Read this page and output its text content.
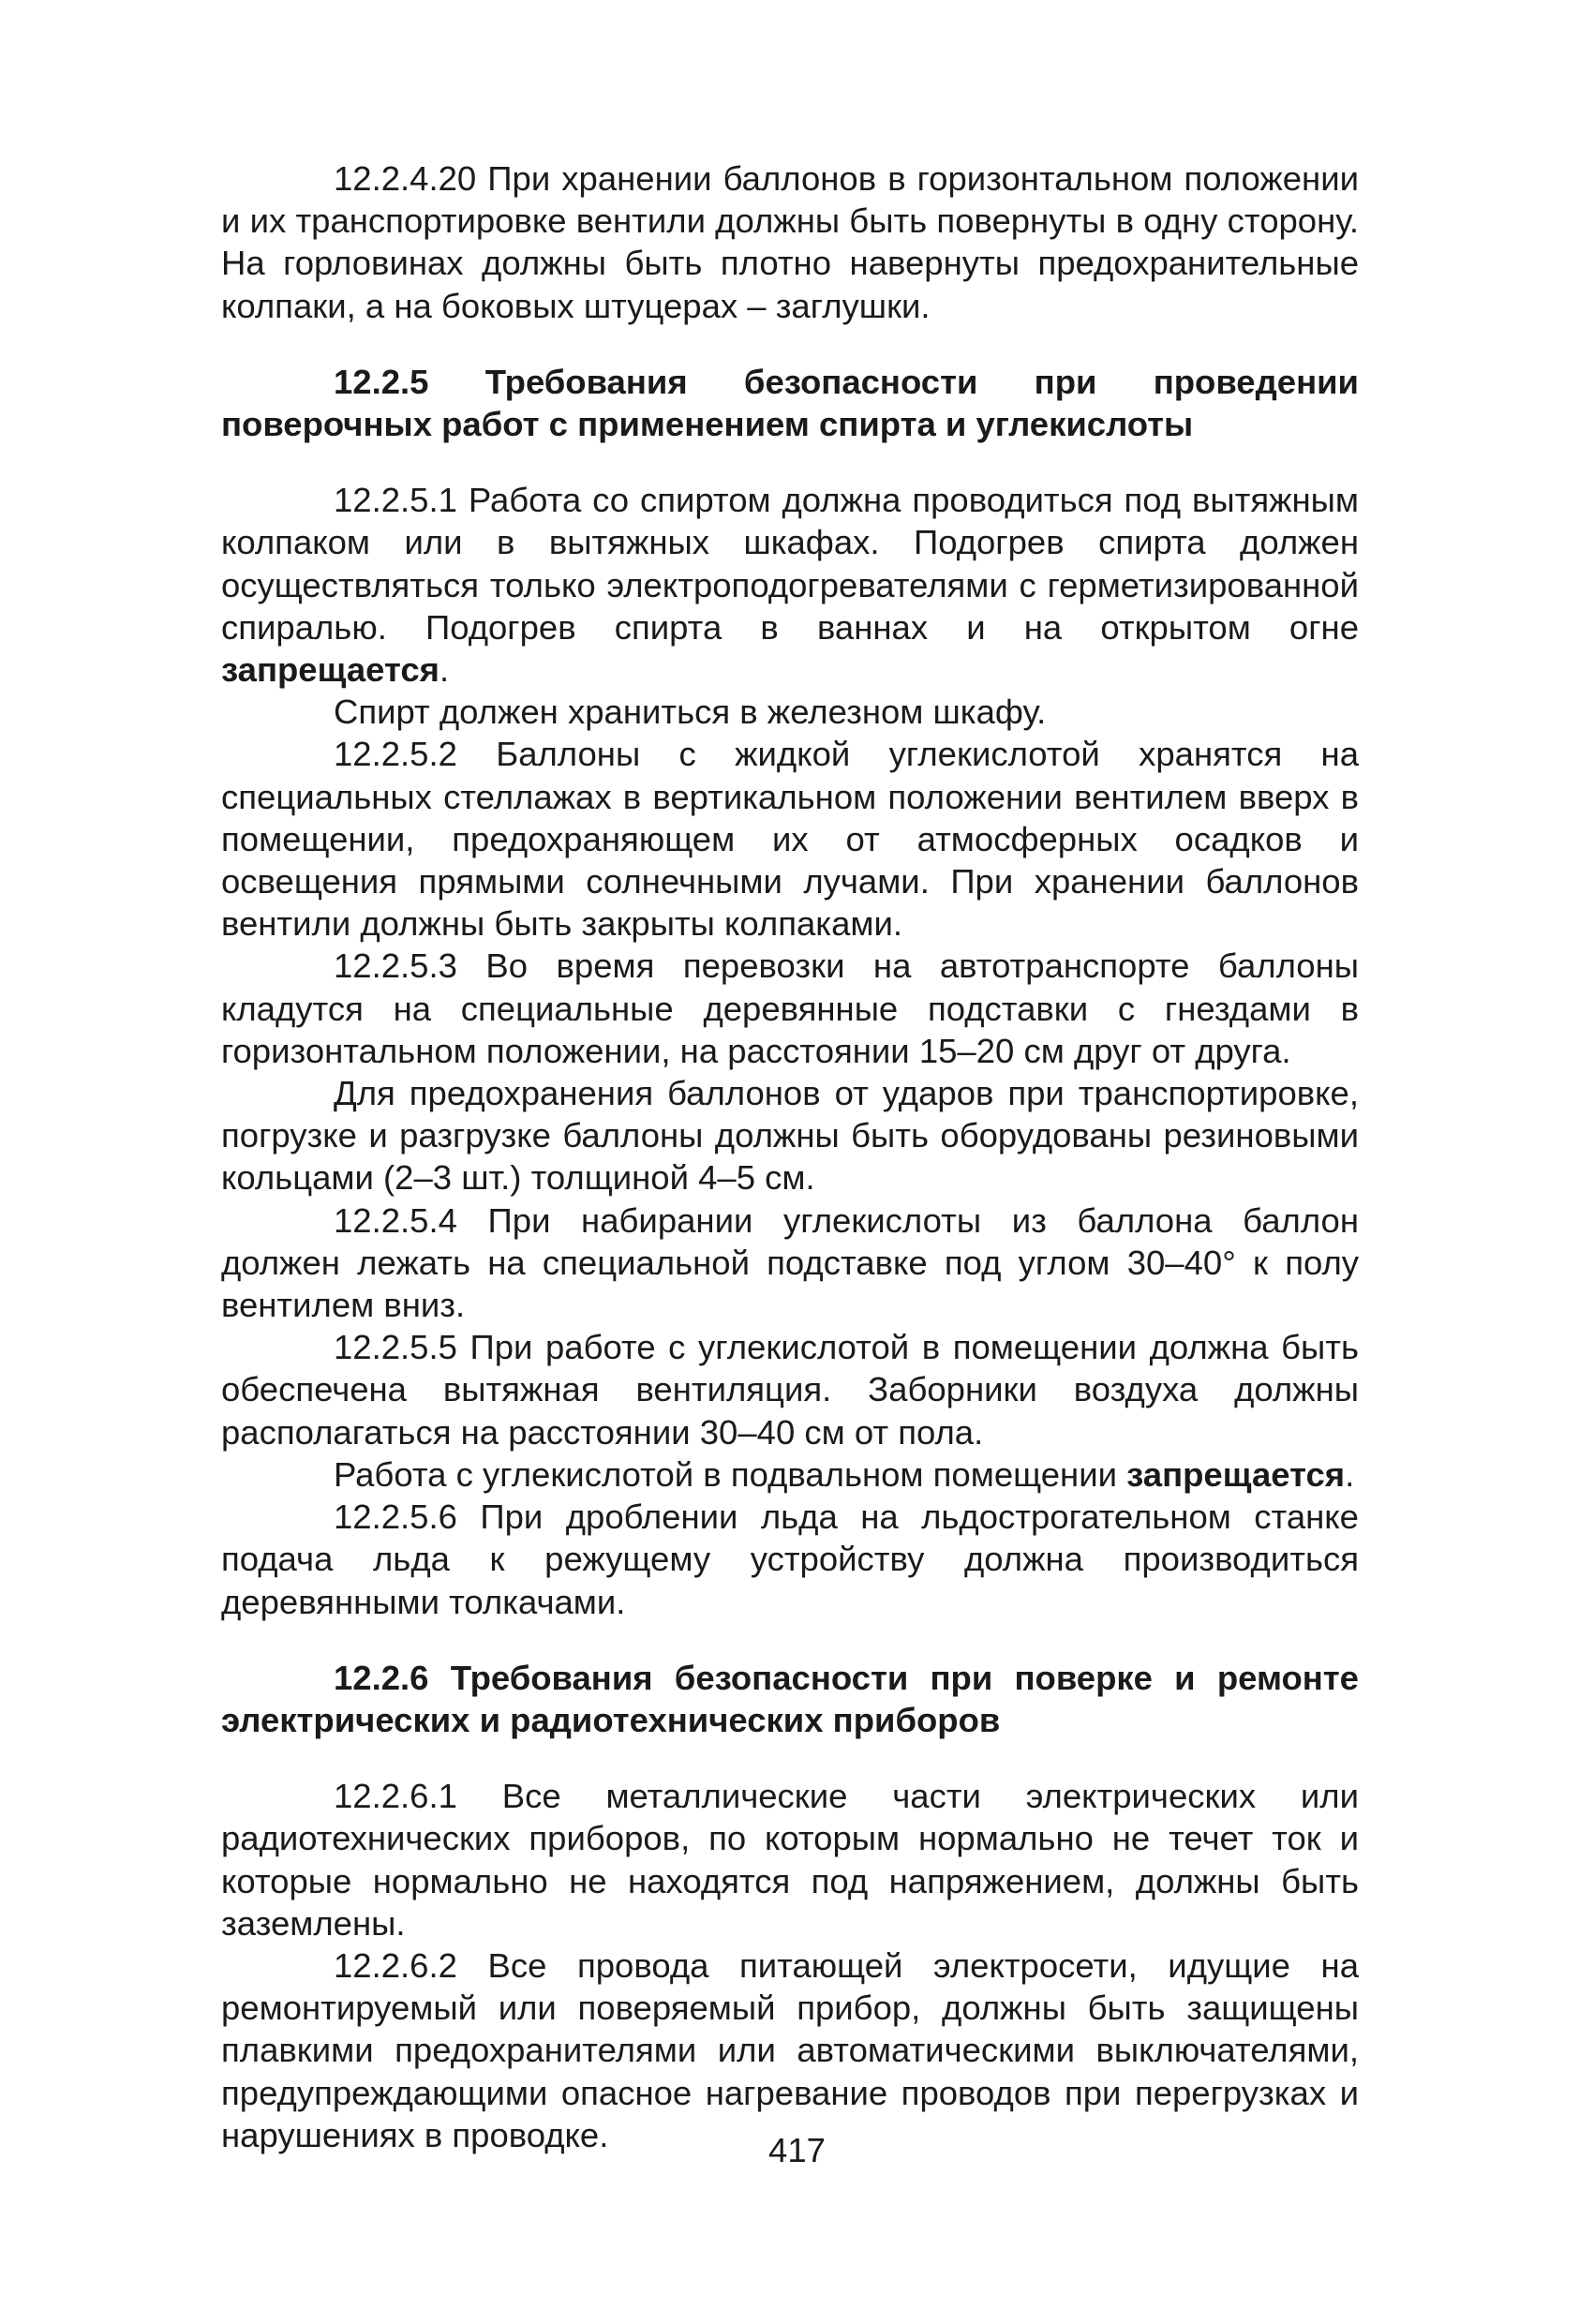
12.2.4.20 При хранении баллонов в горизонтальном положении и их транспортировке вентили должны быть повернуты в одну сторону. На горловинах должны быть плотно навернуты предохранительные колпаки, а на боковых штуцерах – заглушки.

12.2.5 Требования безопасности при проведении поверочных работ с применением спирта и углекислоты

12.2.5.1 Работа со спиртом должна проводиться под вытяжным колпаком или в вытяжных шкафах. Подогрев спирта должен осуществляться только электроподогревателями с герметизированной спиралью. Подогрев спирта в ваннах и на открытом огне запрещается.

Спирт должен храниться в железном шкафу.

12.2.5.2 Баллоны с жидкой углекислотой хранятся на специальных стеллажах в вертикальном положении вентилем вверх в помещении, предохраняющем их от атмосферных осадков и освещения прямыми солнечными лучами. При хранении баллонов вентили должны быть закрыты колпаками.

12.2.5.3 Во время перевозки на автотранспорте баллоны кладутся на специальные деревянные подставки с гнездами в горизонтальном положении, на расстоянии 15–20 см друг от друга.

Для предохранения баллонов от ударов при транспортировке, погрузке и разгрузке баллоны должны быть оборудованы резиновыми кольцами (2–3 шт.) толщиной 4–5 см.

12.2.5.4 При набирании углекислоты из баллона баллон должен лежать на специальной подставке под углом 30–40° к полу вентилем вниз.

12.2.5.5 При работе с углекислотой в помещении должна быть обеспечена вытяжная вентиляция. Заборники воздуха должны располагаться на расстоянии 30–40 см от пола.

Работа с углекислотой в подвальном помещении запрещается.

12.2.5.6 При дроблении льда на льдострогательном станке подача льда к режущему устройству должна производиться деревянными толкачами.

12.2.6 Требования безопасности при поверке и ремонте электрических и радиотехнических приборов

12.2.6.1 Все металлические части электрических или радиотехнических приборов, по которым нормально не течет ток и которые нормально не находятся под напряжением, должны быть заземлены.

12.2.6.2 Все провода питающей электросети, идущие на ремонтируемый или поверяемый прибор, должны быть защищены плавкими предохранителями или автоматическими выключателями, предупреждающими опасное нагревание проводов при перегрузках и нарушениях в проводке.	417
